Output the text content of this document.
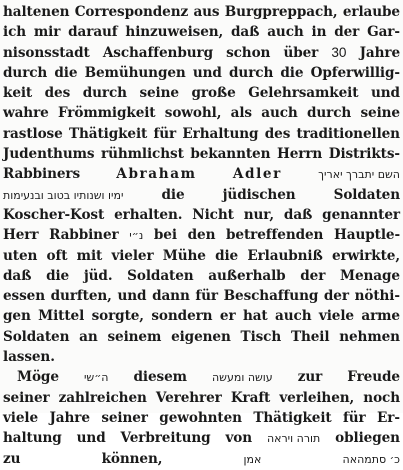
haltenen Correspondenz aus Burgpreppach, erlaube
ich mir darauf hinzuweisen, daß auch in der Gar-
nisonsstadt Aschaffenburg schon über 30 Jahre
durch die Bemühungen und durch die Opferwillig-
keit des durch seine große Gelehrsamkeit und
wahre Frömmigkeit sowohl, als auch durch seine
rastlose Thätigkeit für Erhaltung des traditionellen
Judenthums rühmlichst bekannten Herrn Distrikts-
Rabbiners	Abraham	Adler	השם יתברך יאריך
ימיו ושנותיו בטוב ובנעימות	die	jüdischen	Soldaten
Koscher-Kost erhalten. Nicht nur, daß genannter
Herr Rabbiner נ״י bei den betreffenden Hauptle-
uten oft mit vieler Mühe die Erlaubniß erwirkte,
daß die jüd. Soldaten außerhalb der Menage
essen durften, und dann für Beschaffung der nöthi-
gen Mittel sorgte, sondern er hat auch viele arme
Soldaten an seinem eigenen Tisch Theil nehmen
lassen.
Möge ה״שי diesem עושה ומעשה zur Freude
seiner zahlreichen Verehrer Kraft verleihen, noch
viele Jahre seiner gewohnten Thätigkeit für Er-
haltung und Verbreitung von תורה ויראה obliegen
zu	können,	אמן	כ׳ סתמהאה
